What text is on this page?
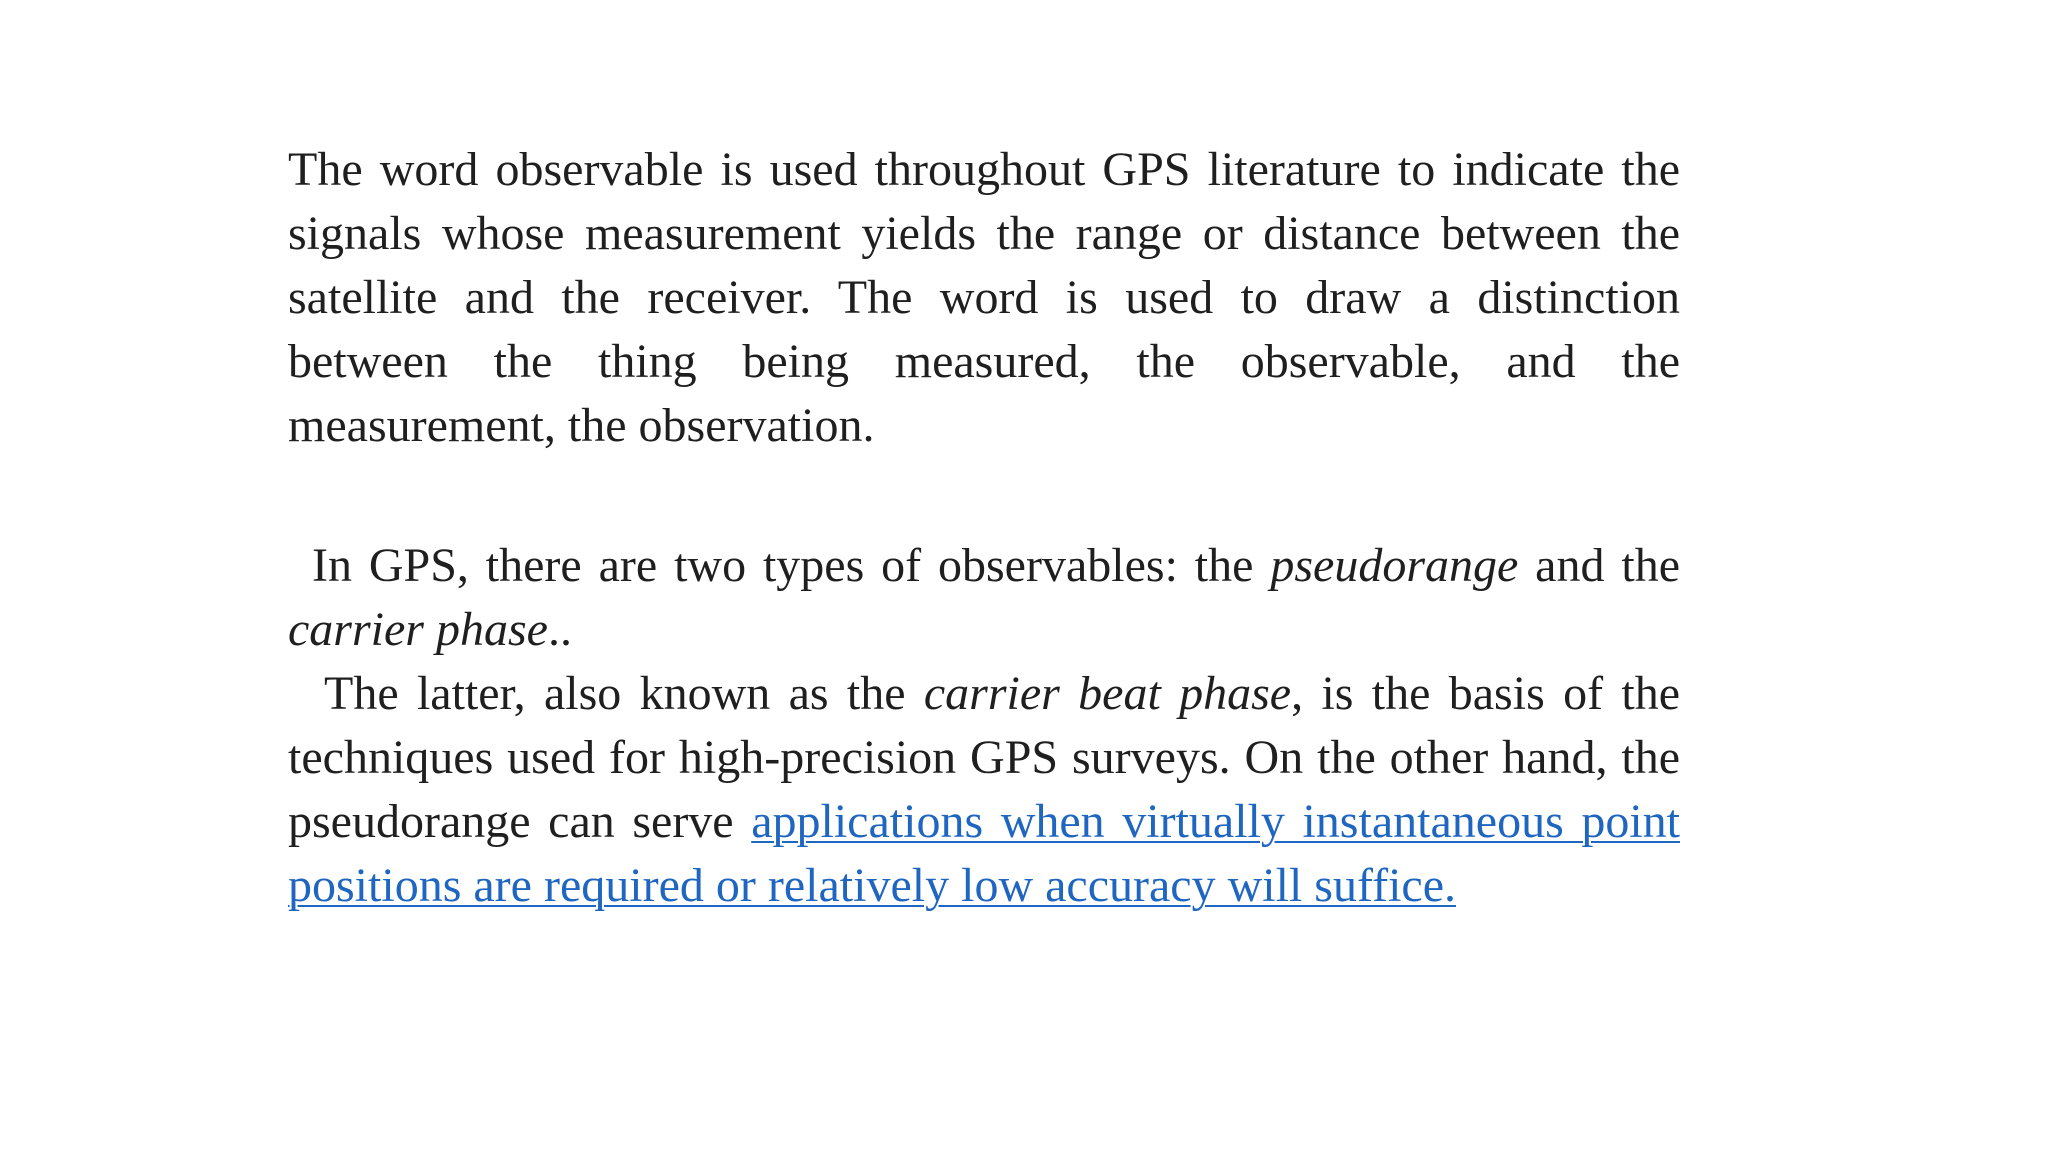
The word observable is used throughout GPS literature to indicate the signals whose measurement yields the range or distance between the satellite and the receiver. The word is used to draw a distinction between the thing being measured, the observable, and the measurement, the observation.

In GPS, there are two types of observables: the pseudorange and the carrier phase..

The latter, also known as the carrier beat phase, is the basis of the techniques used for high-precision GPS surveys. On the other hand, the pseudorange can serve applications when virtually instantaneous point positions are required or relatively low accuracy will suffice.
